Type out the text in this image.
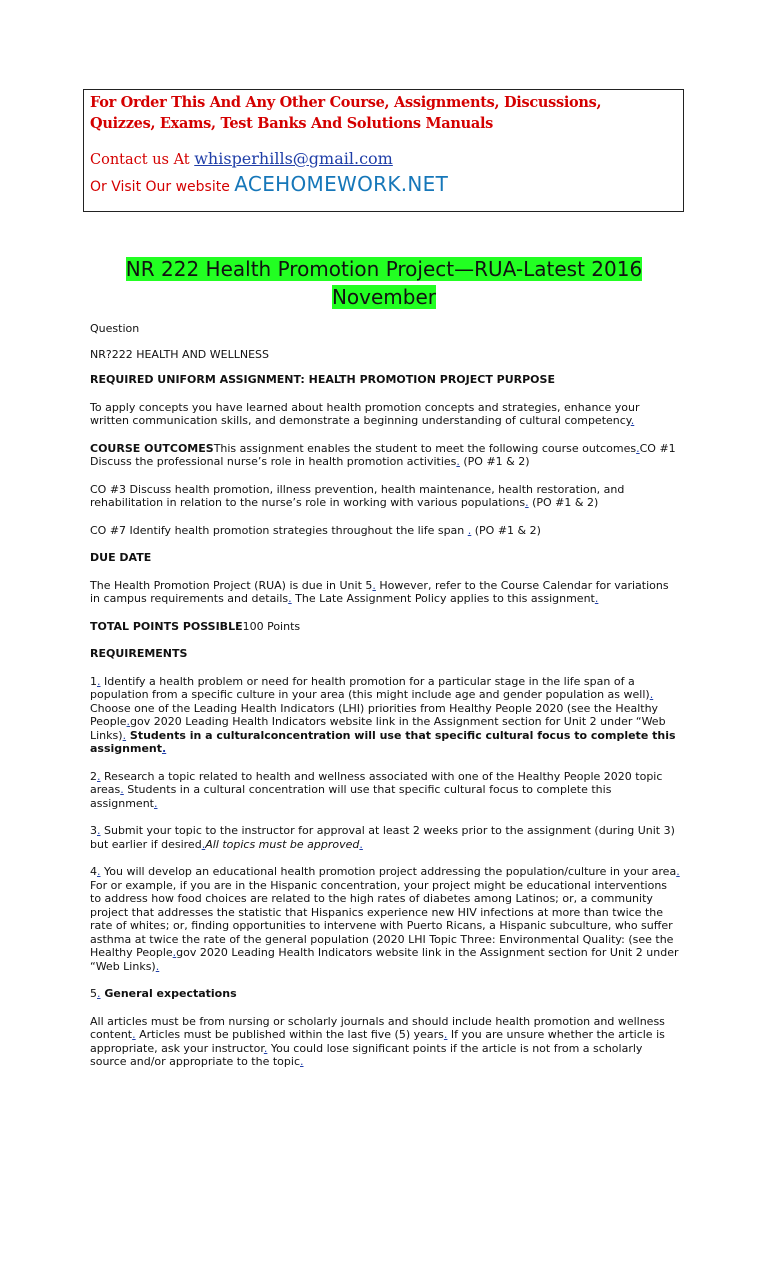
For Order This And Any Other Course, Assignments, Discussions,
Quizzes, Exams, Test Banks And Solutions Manuals
Contact us At whisperhills@gmail.com
Or Visit Our website ACEHOMEWORK.NET
NR 222 Health Promotion Project—RUA-Latest 2016
November

Question

NR?222 HEALTH AND WELLNESS

REQUIRED UNIFORM ASSIGNMENT: HEALTH PROMOTION PROJECT PURPOSE

To apply concepts you have learned about health promotion concepts and strategies, enhance your written communication skills, and demonstrate a beginning understanding of cultural competency.

COURSE OUTCOMESThis assignment enables the student to meet the following course outcomes.CO #1 Discuss the professional nurse’s role in health promotion activities. (PO #1 & 2)

CO #3 Discuss health promotion, illness prevention, health maintenance, health restoration, and rehabilitation in relation to the nurse’s role in working with various populations. (PO #1 & 2)

CO #7 Identify health promotion strategies throughout the life span . (PO #1 & 2)

DUE DATE

The Health Promotion Project (RUA) is due in Unit 5. However, refer to the Course Calendar for variations in campus requirements and details. The Late Assignment Policy applies to this assignment.

TOTAL POINTS POSSIBLE100 Points

REQUIREMENTS

1. Identify a health problem or need for health promotion for a particular stage in the life span of a population from a specific culture in your area (this might include age and gender population as well). Choose one of the Leading Health Indicators (LHI) priorities from Healthy People 2020 (see the Healthy People.gov 2020 Leading Health Indicators website link in the Assignment section for Unit 2 under “Web Links). Students in a culturalconcentration will use that specific cultural focus to complete this assignment.

2. Research a topic related to health and wellness associated with one of the Healthy People 2020 topic areas. Students in a cultural concentration will use that specific cultural focus to complete this assignment.

3. Submit your topic to the instructor for approval at least 2 weeks prior to the assignment (during Unit 3) but earlier if desired.All topics must be approved.

4. You will develop an educational health promotion project addressing the population/culture in your area. For or example, if you are in the Hispanic concentration, your project might be educational interventions to address how food choices are related to the high rates of diabetes among Latinos; or, a community project that addresses the statistic that Hispanics experience new HIV infections at more than twice the rate of whites; or, finding opportunities to intervene with Puerto Ricans, a Hispanic subculture, who suffer asthma at twice the rate of the general population (2020 LHI Topic Three: Environmental Quality: (see the Healthy People.gov 2020 Leading Health Indicators website link in the Assignment section for Unit 2 under “Web Links).

5. General expectations

All articles must be from nursing or scholarly journals and should include health promotion and wellness content. Articles must be published within the last five (5) years. If you are unsure whether the article is appropriate, ask your instructor. You could lose significant points if the article is not from a scholarly source and/or appropriate to the topic.
